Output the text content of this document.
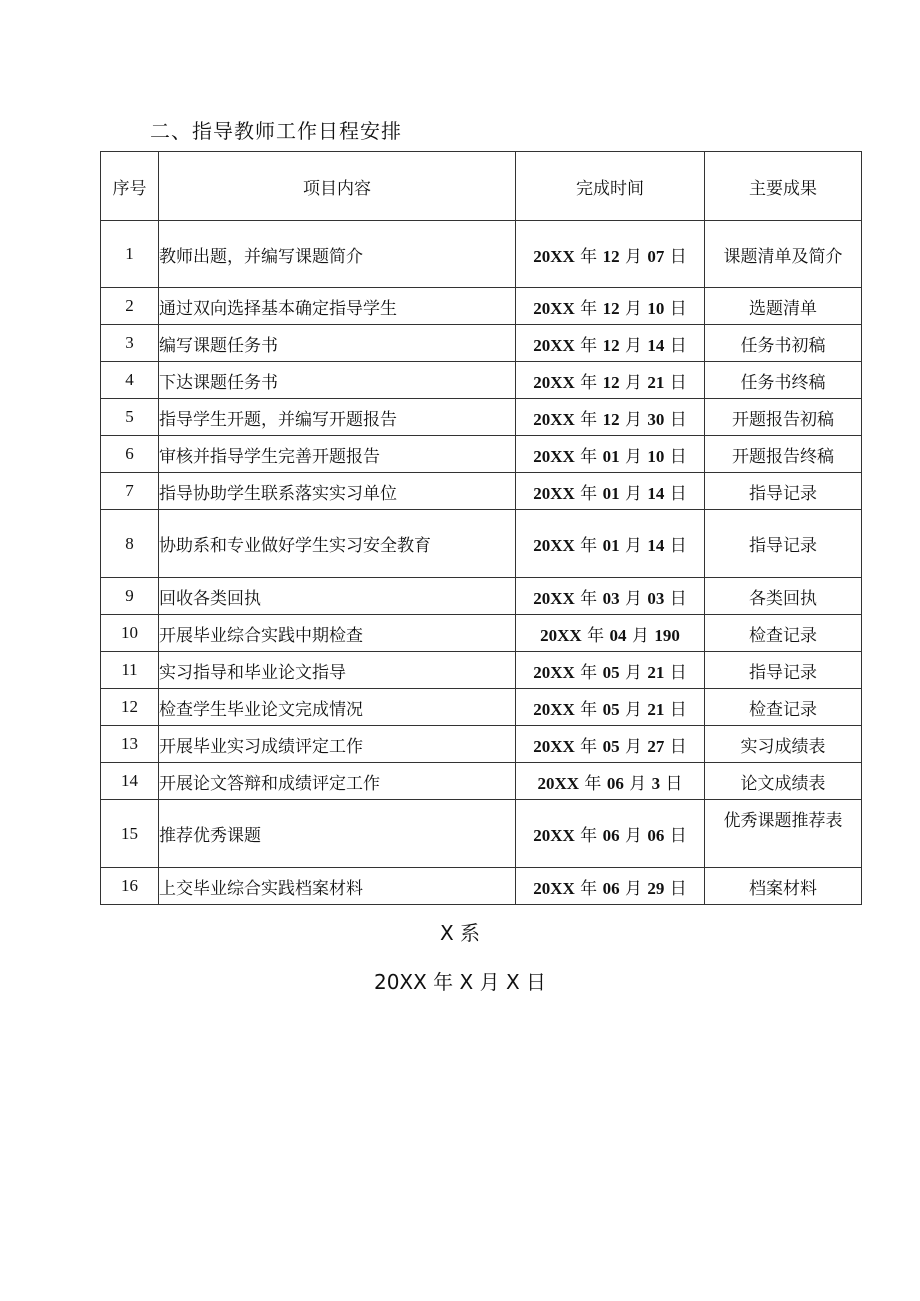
二、指导教师工作日程安排
序号	项目内容	完成时间	主要成果
1	教师出题，并编写课题简介	20XX 年 12 月 07 日	课题清单及简介
2	通过双向选择基本确定指导学生	20XX 年 12 月 10 日	选题清单
3	编写课题任务书	20XX 年 12 月 14 日	任务书初稿
4	下达课题任务书	20XX 年 12 月 21 日	任务书终稿
5	指导学生开题，并编写开题报告	20XX 年 12 月 30 日	开题报告初稿
6	审核并指导学生完善开题报告	20XX 年 01 月 10 日	开题报告终稿
7	指导协助学生联系落实实习单位	20XX 年 01 月 14 日	指导记录
8	协助系和专业做好学生实习安全教育	20XX 年 01 月 14 日	指导记录
9	回收各类回执	20XX 年 03 月 03 日	各类回执
10	开展毕业综合实践中期检查	20XX 年 04 月 190	检查记录
11	实习指导和毕业论文指导	20XX 年 05 月 21 日	指导记录
12	检查学生毕业论文完成情况	20XX 年 05 月 21 日	检查记录
13	开展毕业实习成绩评定工作	20XX 年 05 月 27 日	实习成绩表
14	开展论文答辩和成绩评定工作	20XX 年 06 月 3 日	论文成绩表
15	推荐优秀课题	20XX 年 06 月 06 日	优秀课题推荐表
16	上交毕业综合实践档案材料	20XX 年 06 月 29 日	档案材料
X 系
20XX 年 X 月 X 日
